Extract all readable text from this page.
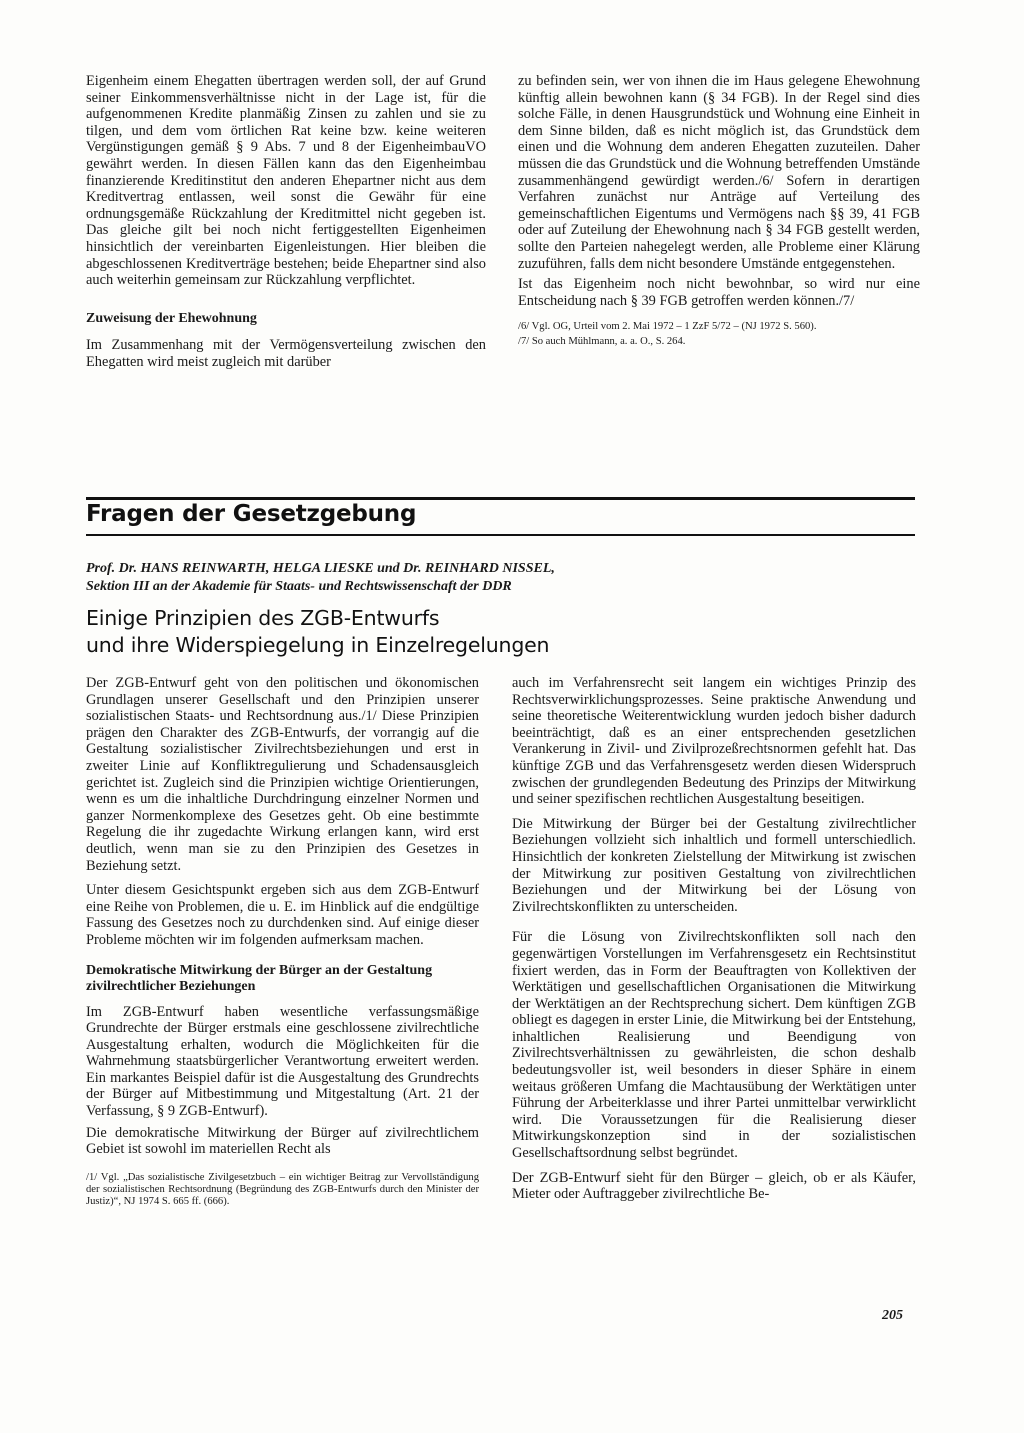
Eigenheim einem Ehegatten übertragen werden soll, der auf Grund seiner Einkommensverhältnisse nicht in der Lage ist, für die aufgenommenen Kredite planmäßig Zinsen zu zahlen und sie zu tilgen, und dem vom örtlichen Rat keine bzw. keine weiteren Vergünstigungen gemäß § 9 Abs. 7 und 8 der EigenheimbauVO gewährt werden. In diesen Fällen kann das den Eigenheimbau finanzierende Kreditinstitut den anderen Ehepartner nicht aus dem Kreditvertrag entlassen, weil sonst die Gewähr für eine ordnungsgemäße Rückzahlung der Kreditmittel nicht gegeben ist. Das gleiche gilt bei noch nicht fertiggestellten Eigenheimen hinsichtlich der vereinbarten Eigenleistungen. Hier bleiben die abgeschlossenen Kreditverträge bestehen; beide Ehepartner sind also auch weiterhin gemeinsam zur Rückzahlung verpflichtet.

Zuweisung der Ehewohnung

Im Zusammenhang mit der Vermögensverteilung zwischen den Ehegatten wird meist zugleich mit darüber

zu befinden sein, wer von ihnen die im Haus gelegene Ehewohnung künftig allein bewohnen kann (§ 34 FGB). In der Regel sind dies solche Fälle, in denen Hausgrundstück und Wohnung eine Einheit in dem Sinne bilden, daß es nicht möglich ist, das Grundstück dem einen und die Wohnung dem anderen Ehegatten zuzuteilen. Daher müssen die das Grundstück und die Wohnung betreffenden Umstände zusammenhängend gewürdigt werden./6/ Sofern in derartigen Verfahren zunächst nur Anträge auf Verteilung des gemeinschaftlichen Eigentums und Vermögens nach §§ 39, 41 FGB oder auf Zuteilung der Ehewohnung nach § 34 FGB gestellt werden, sollte den Parteien nahegelegt werden, alle Probleme einer Klärung zuzuführen, falls dem nicht besondere Umstände entgegenstehen.

Ist das Eigenheim noch nicht bewohnbar, so wird nur eine Entscheidung nach § 39 FGB getroffen werden können./7/

/6/ Vgl. OG, Urteil vom 2. Mai 1972 – 1 ZzF 5/72 – (NJ 1972 S. 560).
/7/ So auch Mühlmann, a. a. O., S. 264.
Fragen der Gesetzgebung
Prof. Dr. HANS REINWARTH, HELGA LIESKE und Dr. REINHARD NISSEL,
Sektion III an der Akademie für Staats- und Rechtswissenschaft der DDR
Einige Prinzipien des ZGB-Entwurfs
und ihre Widerspiegelung in Einzelregelungen

Der ZGB-Entwurf geht von den politischen und ökonomischen Grundlagen unserer Gesellschaft und den Prinzipien unserer sozialistischen Staats- und Rechtsordnung aus./1/ Diese Prinzipien prägen den Charakter des ZGB-Entwurfs, der vorrangig auf die Gestaltung sozialistischer Zivilrechtsbeziehungen und erst in zweiter Linie auf Konfliktregulierung und Schadensausgleich gerichtet ist. Zugleich sind die Prinzipien wichtige Orientierungen, wenn es um die inhaltliche Durchdringung einzelner Normen und ganzer Normenkomplexe des Gesetzes geht. Ob eine bestimmte Regelung die ihr zugedachte Wirkung erlangen kann, wird erst deutlich, wenn man sie zu den Prinzipien des Gesetzes in Beziehung setzt.

Unter diesem Gesichtspunkt ergeben sich aus dem ZGB-Entwurf eine Reihe von Problemen, die u. E. im Hinblick auf die endgültige Fassung des Gesetzes noch zu durchdenken sind. Auf einige dieser Probleme möchten wir im folgenden aufmerksam machen.

Demokratische Mitwirkung der Bürger an der Gestaltung zivilrechtlicher Beziehungen

Im ZGB-Entwurf haben wesentliche verfassungsmäßige Grundrechte der Bürger erstmals eine geschlossene zivilrechtliche Ausgestaltung erhalten, wodurch die Möglichkeiten für die Wahrnehmung staatsbürgerlicher Verantwortung erweitert werden. Ein markantes Beispiel dafür ist die Ausgestaltung des Grundrechts der Bürger auf Mitbestimmung und Mitgestaltung (Art. 21 der Verfassung, § 9 ZGB-Entwurf).

Die demokratische Mitwirkung der Bürger auf zivilrechtlichem Gebiet ist sowohl im materiellen Recht als

/1/ Vgl. „Das sozialistische Zivilgesetzbuch – ein wichtiger Beitrag zur Vervollständigung der sozialistischen Rechtsordnung (Begründung des ZGB-Entwurfs durch den Minister der Justiz)“, NJ 1974 S. 665 ff. (666).

auch im Verfahrensrecht seit langem ein wichtiges Prinzip des Rechtsverwirklichungsprozesses. Seine praktische Anwendung und seine theoretische Weiterentwicklung wurden jedoch bisher dadurch beeinträchtigt, daß es an einer entsprechenden gesetzlichen Verankerung in Zivil- und Zivilprozeßrechtsnormen gefehlt hat. Das künftige ZGB und das Verfahrensgesetz werden diesen Widerspruch zwischen der grundlegenden Bedeutung des Prinzips der Mitwirkung und seiner spezifischen rechtlichen Ausgestaltung beseitigen.

Die Mitwirkung der Bürger bei der Gestaltung zivilrechtlicher Beziehungen vollzieht sich inhaltlich und formell unterschiedlich. Hinsichtlich der konkreten Zielstellung der Mitwirkung ist zwischen der Mitwirkung zur positiven Gestaltung von zivilrechtlichen Beziehungen und der Mitwirkung bei der Lösung von Zivilrechtskonflikten zu unterscheiden.

Für die Lösung von Zivilrechtskonflikten soll nach den gegenwärtigen Vorstellungen im Verfahrensgesetz ein Rechtsinstitut fixiert werden, das in Form der Beauftragten von Kollektiven der Werktätigen und gesellschaftlichen Organisationen die Mitwirkung der Werktätigen an der Rechtsprechung sichert. Dem künftigen ZGB obliegt es dagegen in erster Linie, die Mitwirkung bei der Entstehung, inhaltlichen Realisierung und Beendigung von Zivilrechtsverhältnissen zu gewährleisten, die schon deshalb bedeutungsvoller ist, weil besonders in dieser Sphäre in einem weitaus größeren Umfang die Machtausübung der Werktätigen unter Führung der Arbeiterklasse und ihrer Partei unmittelbar verwirklicht wird. Die Voraussetzungen für die Realisierung dieser Mitwirkungskonzeption sind in der sozialistischen Gesellschaftsordnung selbst begründet.

Der ZGB-Entwurf sieht für den Bürger – gleich, ob er als Käufer, Mieter oder Auftraggeber zivilrechtliche Be-

205
